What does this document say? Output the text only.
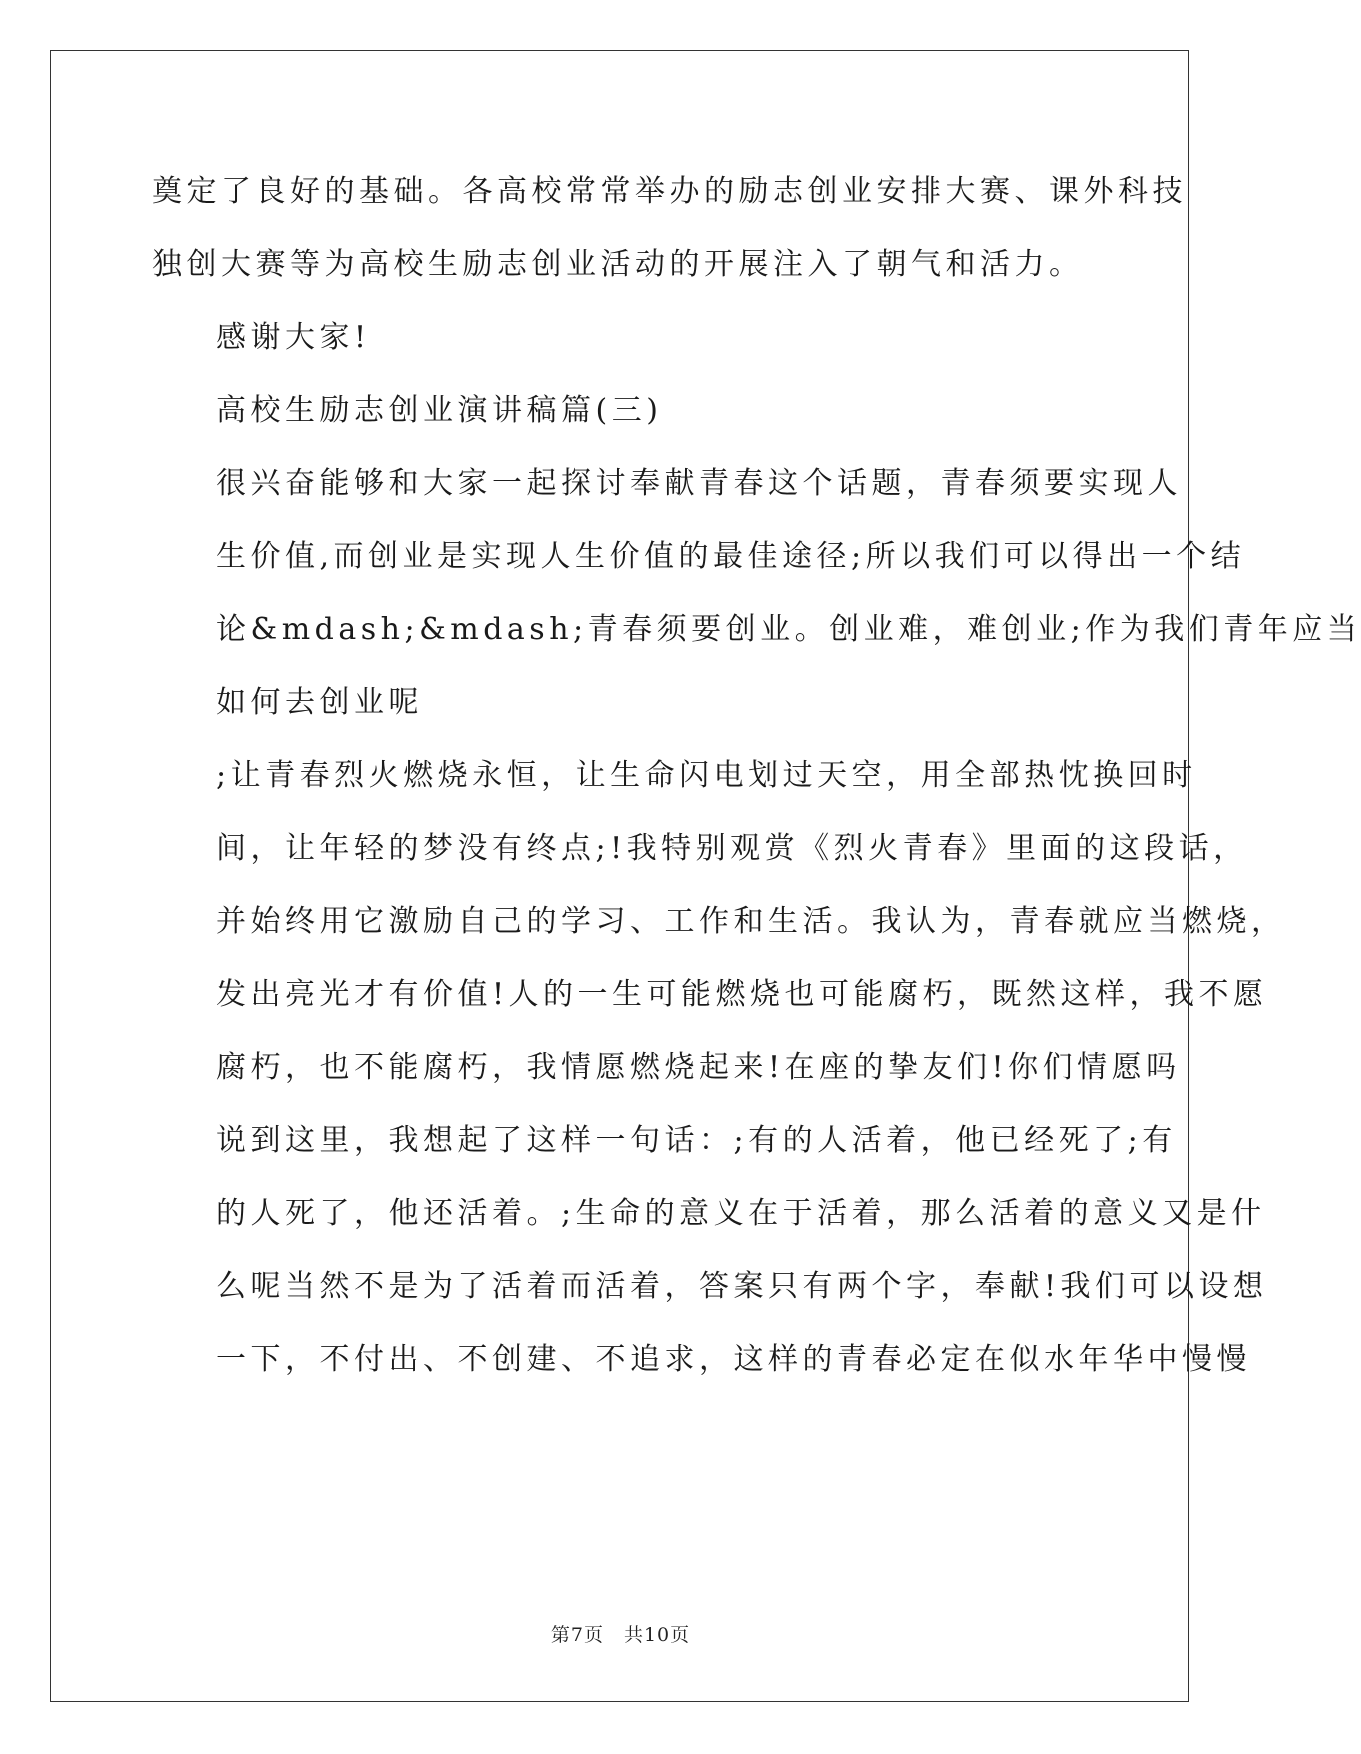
奠定了良好的基础。各高校常常举办的励志创业安排大赛、课外科技
独创大赛等为高校生励志创业活动的开展注入了朝气和活力。

感谢大家!

高校生励志创业演讲稿篇(三)

很兴奋能够和大家一起探讨奉献青春这个话题，青春须要实现人
生价值,而创业是实现人生价值的最佳途径;所以我们可以得出一个结
论&mdash;&mdash;青春须要创业。创业难，难创业;作为我们青年应当
如何去创业呢

;让青春烈火燃烧永恒，让生命闪电划过天空，用全部热忱换回时
间，让年轻的梦没有终点;!我特别观赏《烈火青春》里面的这段话，
并始终用它激励自己的学习、工作和生活。我认为，青春就应当燃烧，
发出亮光才有价值!人的一生可能燃烧也可能腐朽，既然这样，我不愿
腐朽，也不能腐朽，我情愿燃烧起来!在座的挚友们!你们情愿吗

说到这里，我想起了这样一句话：;有的人活着，他已经死了;有
的人死了，他还活着。;生命的意义在于活着，那么活着的意义又是什
么呢当然不是为了活着而活着，答案只有两个字，奉献!我们可以设想
一下，不付出、不创建、不追求，这样的青春必定在似水年华中慢慢

第7页　共10页
